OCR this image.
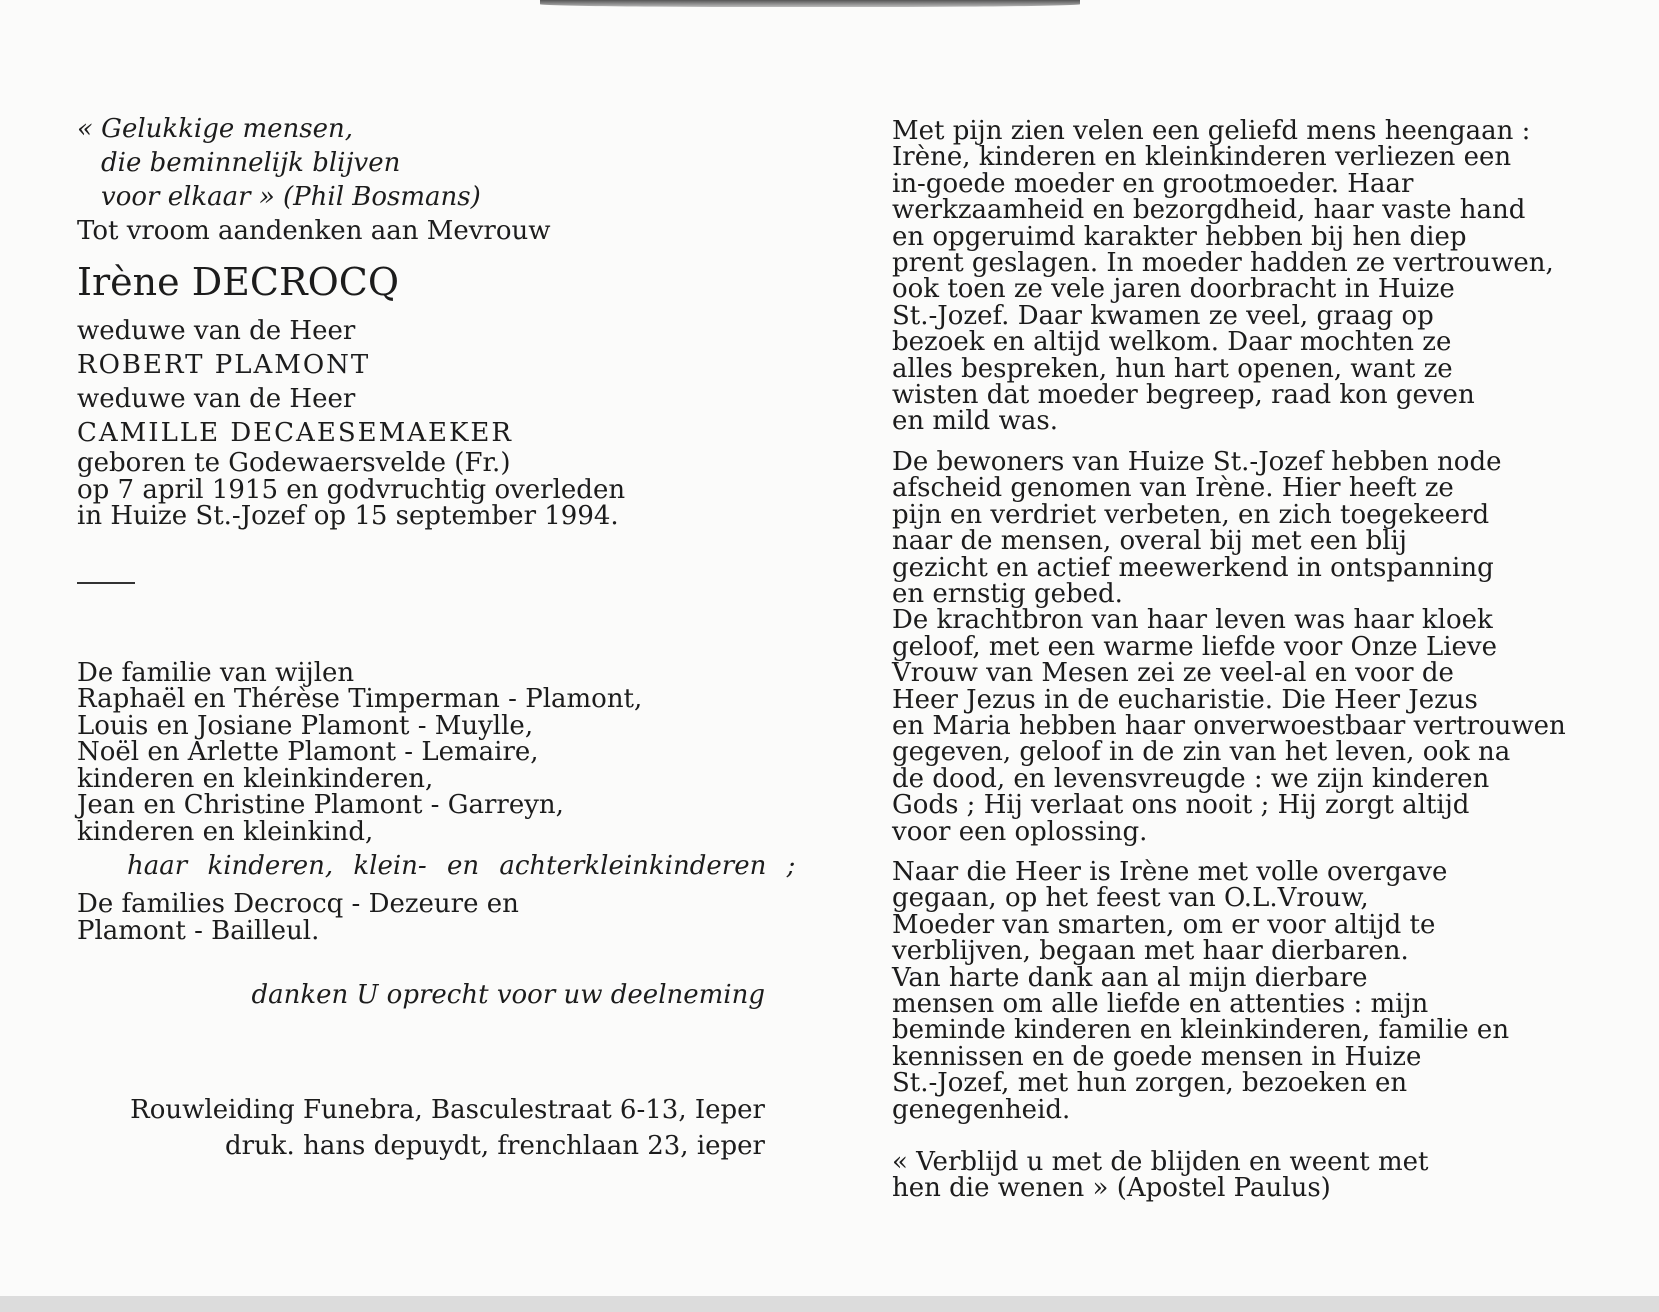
« Gelukkige mensen,
die beminnelijk blijven
voor elkaar » (Phil Bosmans)
Tot vroom aandenken aan Mevrouw
Irène DECROCQ
weduwe van de Heer
ROBERT PLAMONT
weduwe van de Heer
CAMILLE DECAESEMAEKER
geboren te Godewaersvelde (Fr.)
op 7 april 1915 en godvruchtig overleden
in Huize St.-Jozef op 15 september 1994.
De familie van wijlen
Raphaël en Thérèse Timperman - Plamont,
Louis en Josiane Plamont - Muylle,
Noël en Arlette Plamont - Lemaire,
kinderen en kleinkinderen,
Jean en Christine Plamont - Garreyn,
kinderen en kleinkind,
haar kinderen, klein- en achterkleinkinderen ;
De families Decrocq - Dezeure en
Plamont - Bailleul.
danken U oprecht voor uw deelneming
Rouwleiding Funebra, Basculestraat 6-13, Ieper
druk. hans depuydt, frenchlaan 23, ieper
Met pijn zien velen een geliefd mens heengaan :
Irène, kinderen en kleinkinderen verliezen een
in-goede moeder en grootmoeder. Haar
werkzaamheid en bezorgdheid, haar vaste hand
en opgeruimd karakter hebben bij hen diep
prent geslagen. In moeder hadden ze vertrouwen,
ook toen ze vele jaren doorbracht in Huize
St.-Jozef. Daar kwamen ze veel, graag op
bezoek en altijd welkom. Daar mochten ze
alles bespreken, hun hart openen, want ze
wisten dat moeder begreep, raad kon geven
en mild was.
De bewoners van Huize St.-Jozef hebben node
afscheid genomen van Irène. Hier heeft ze
pijn en verdriet verbeten, en zich toegekeerd
naar de mensen, overal bij met een blij
gezicht en actief meewerkend in ontspanning
en ernstig gebed.
De krachtbron van haar leven was haar kloek
geloof, met een warme liefde voor Onze Lieve
Vrouw van Mesen zei ze veel-al en voor de
Heer Jezus in de eucharistie. Die Heer Jezus
en Maria hebben haar onverwoestbaar vertrouwen
gegeven, geloof in de zin van het leven, ook na
de dood, en levensvreugde : we zijn kinderen
Gods ; Hij verlaat ons nooit ; Hij zorgt altijd
voor een oplossing.
Naar die Heer is Irène met volle overgave
gegaan, op het feest van O.L.Vrouw,
Moeder van smarten, om er voor altijd te
verblijven, begaan met haar dierbaren.
Van harte dank aan al mijn dierbare
mensen om alle liefde en attenties : mijn
beminde kinderen en kleinkinderen, familie en
kennissen en de goede mensen in Huize
St.-Jozef, met hun zorgen, bezoeken en
genegenheid.
« Verblijd u met de blijden en weent met
hen die wenen » (Apostel Paulus)
